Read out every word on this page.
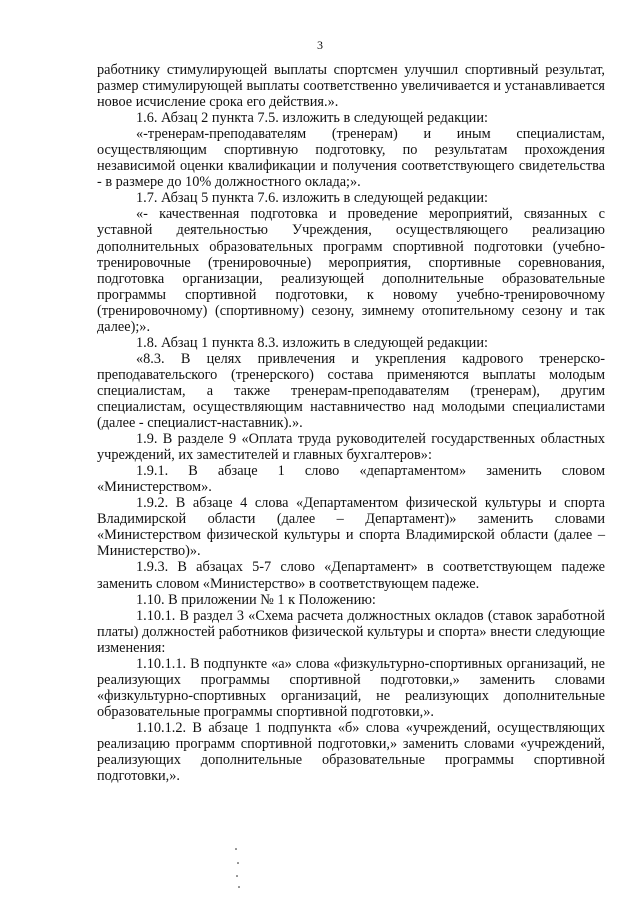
3

работнику стимулирующей выплаты спортсмен улучшил спортивный результат, размер стимулирующей выплаты соответственно увеличивается и устанавливается новое исчисление срока его действия.».

1.6. Абзац 2 пункта 7.5. изложить в следующей редакции:

«-тренерам-преподавателям (тренерам) и иным специалистам, осуществляющим спортивную подготовку, по результатам прохождения независимой оценки квалификации и получения соответствующего свидетельства - в размере до 10% должностного оклада;».

1.7. Абзац 5 пункта 7.6. изложить в следующей редакции:

«- качественная подготовка и проведение мероприятий, связанных с уставной деятельностью Учреждения, осуществляющего реализацию дополнительных образовательных программ спортивной подготовки (учебно-тренировочные (тренировочные) мероприятия, спортивные соревнования, подготовка организации, реализующей дополнительные образовательные программы спортивной подготовки, к новому учебно-тренировочному (тренировочному) (спортивному) сезону, зимнему отопительному сезону и так далее);».

1.8. Абзац 1 пункта 8.3. изложить в следующей редакции:

«8.3. В целях привлечения и укрепления кадрового тренерско-преподавательского (тренерского) состава применяются выплаты молодым специалистам, а также тренерам-преподавателям (тренерам), другим специалистам, осуществляющим наставничество над молодыми специалистами (далее - специалист-наставник).».

1.9. В разделе 9 «Оплата труда руководителей государственных областных учреждений, их заместителей и главных бухгалтеров»:

1.9.1. В абзаце 1 слово «департаментом» заменить словом «Министерством».

1.9.2. В абзаце 4 слова «Департаментом физической культуры и спорта Владимирской области (далее – Департамент)» заменить словами «Министерством физической культуры и спорта Владимирской области (далее – Министерство)».

1.9.3. В абзацах 5-7 слово «Департамент» в соответствующем падеже заменить словом «Министерство» в соответствующем падеже.

1.10. В приложении № 1 к Положению:

1.10.1. В раздел 3 «Схема расчета должностных окладов (ставок заработной платы) должностей работников физической культуры и спорта» внести следующие изменения:

1.10.1.1. В подпункте «а» слова «физкультурно-спортивных организаций, не реализующих программы спортивной подготовки,» заменить словами «физкультурно-спортивных организаций, не реализующих дополнительные образовательные программы спортивной подготовки,».

1.10.1.2. В абзаце 1 подпункта «б» слова «учреждений, осуществляющих реализацию программ спортивной подготовки,» заменить словами «учреждений, реализующих дополнительные образовательные программы спортивной подготовки,».
